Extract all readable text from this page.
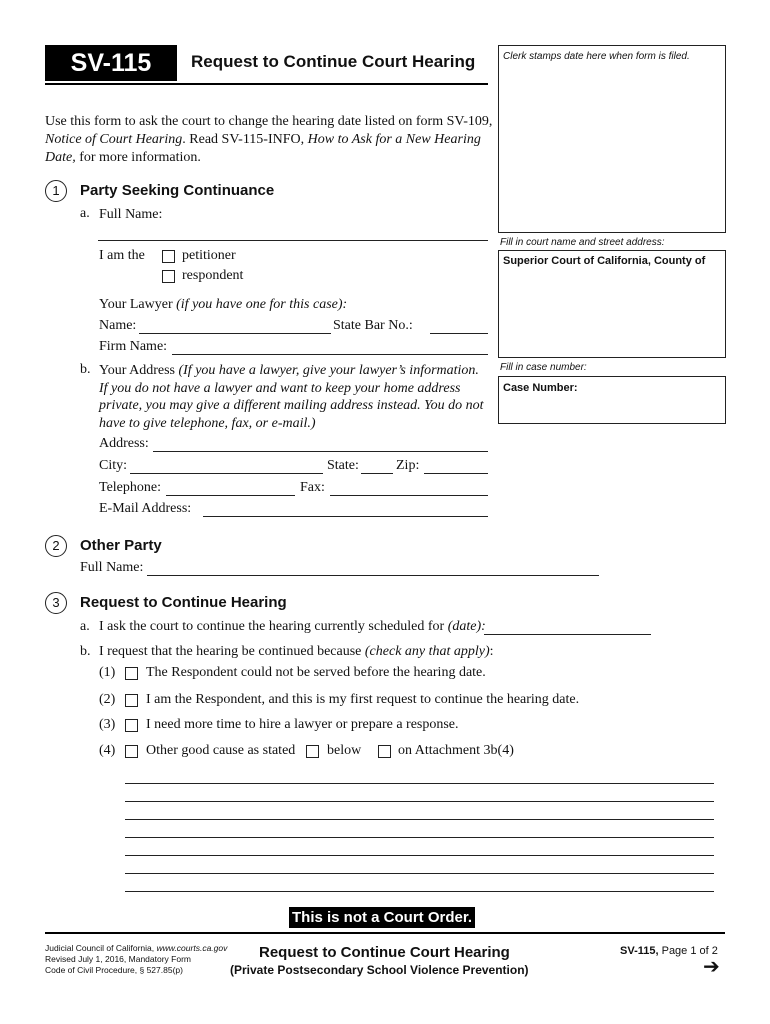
SV-115	Request to Continue Court Hearing
Use this form to ask the court to change the hearing date listed on form SV-109,
Notice of Court Hearing. Read SV-115-INFO, How to Ask for a New Hearing
Date, for more information.
Clerk stamps date here when form is filed.
Fill in court name and street address:
Superior Court of California, County of
Fill in case number:
Case Number:
1	Party Seeking Continuance
a. Full Name:
I am the	petitioner
respondent
Your Lawyer (if you have one for this case):
Name:	State Bar No.:
Firm Name:
b. Your Address (If you have a lawyer, give your lawyer’s information.
If you do not have a lawyer and want to keep your home address
private, you may give a different mailing address instead. You do not
have to give telephone, fax, or e-mail.)
Address:
City:	State:	Zip:
Telephone:	Fax:
E-Mail Address:
2	Other Party
Full Name:
3	Request to Continue Hearing
a. I ask the court to continue the hearing currently scheduled for (date):
b. I request that the hearing be continued because (check any that apply):
(1) The Respondent could not be served before the hearing date.
(2) I am the Respondent, and this is my first request to continue the hearing date.
(3) I need more time to hire a lawyer or prepare a response.
(4) Other good cause as stated below	on Attachment 3b(4)
This is not a Court Order.
Judicial Council of California, www.courts.ca.gov
Revised July 1, 2016, Mandatory Form
Code of Civil Procedure, § 527.85(p)
Request to Continue Court Hearing
(Private Postsecondary School Violence Prevention)
SV-115, Page 1 of 2
➔
